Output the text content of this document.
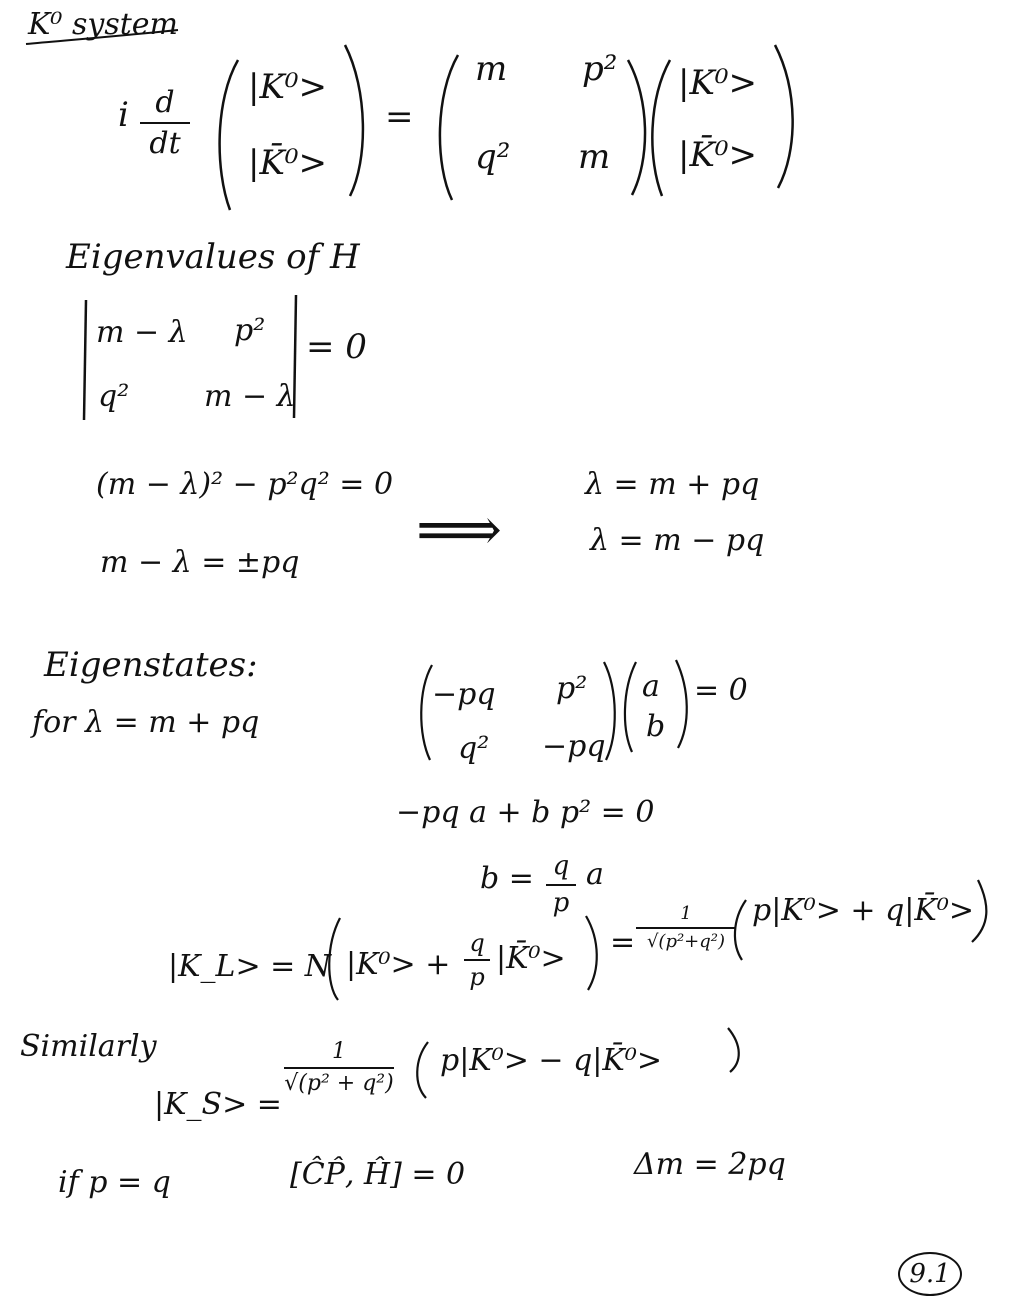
K⁰ system
i d
dt
|K⁰>
|K̄⁰>
=
m p²
q² m
|K⁰>
|K̄⁰>
Eigenvalues of H
m − λ p²
q² m − λ
= 0
(m − λ)² − p²q² = 0
m − λ = ±pq ⟹
λ = m + pq
λ = m − pq
Eigenstates:
for λ = m + pq
−pq p²
q² −pq
a
b
= 0
−pq a + b p² = 0
b = q
p
a
|K_L> = N |K⁰> +
q
p
|K̄⁰> =
1
√(p²+q²)
p|K⁰> + q|K̄⁰>
Similarly
|K_S> =
1
√(p² + q²)
p|K⁰> − q|K̄⁰>
if p = q	[ĈP̂, Ĥ] = 0	Δm = 2pq
9.1
